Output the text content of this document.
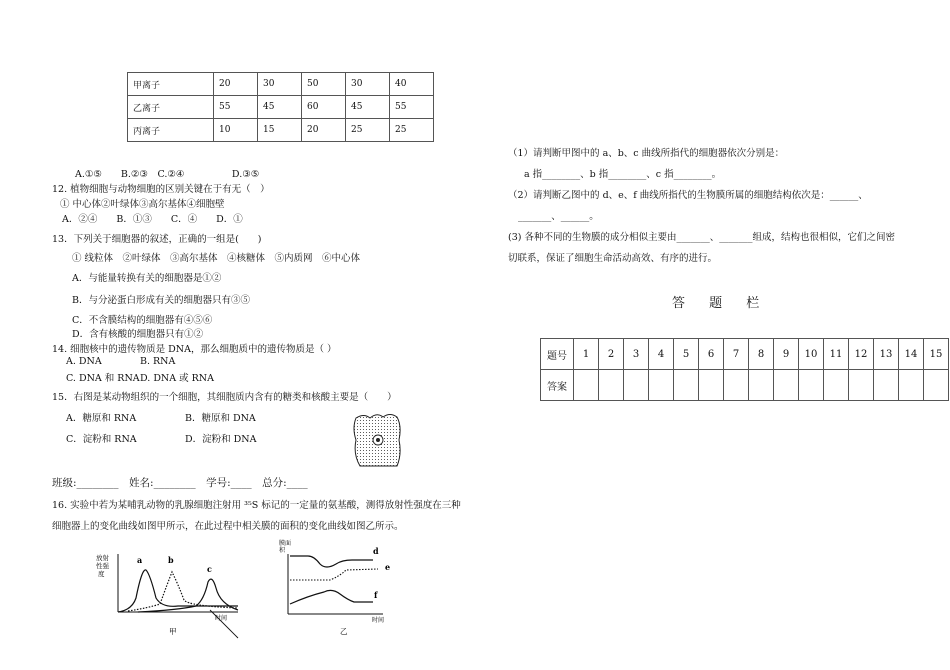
甲离子	20	30	50	30	40
乙离子	55	45	60	45	55
丙离子	10	15	20	25	25
A.①⑤　　B.②③　C.②④　　　　　D.③⑤
12. 植物细胞与动物细胞的区别关键在于有无（　）
① 中心体②叶绿体③高尔基体④细胞壁
A．②④　　B．①③　　C．④　　D．①
13．下列关于细胞器的叙述，正确的一组是(　　)
① 线粒体　②叶绿体　③高尔基体　④核糖体　⑤内质网　⑥中心体
A．与能量转换有关的细胞器是①②
B．与分泌蛋白形成有关的细胞器只有③⑤
C．不含膜结构的细胞器有④⑤⑥
D．含有核酸的细胞器只有①②
14. 细胞核中的遗传物质是 DNA，那么细胞质中的遗传物质是（ ）
A. DNA	B. RNA
C. DNA 和 RNA D. DNA 或 RNA
15．右图是某动物组织的一个细胞，其细胞质内含有的糖类和核酸主要是（　　）
A．糖原和 RNA	B．糖原和 DNA
C．淀粉和 RNA	D．淀粉和 DNA
班级:________　姓名:________　学号:____　总分:____
16. 实验中若为某哺乳动物的乳腺细胞注射用 ³⁵S 标记的一定量的氨基酸，测得放射性强度在三种
细胞器上的变化曲线如图甲所示，在此过程中相关膜的面积的变化曲线如图乙所示。
放射
性强
度
a	b
c
时间
甲
膜面
积	d
e
f
时间
乙
（1）请判断甲图中的 a、b、c 曲线所指代的细胞器依次分别是：
a 指________、b 指________、c 指________。
（2）请判断乙图中的 d、e、f 曲线所指代的生物膜所属的细胞结构依次是：______、
_______、______。
(3) 各种不同的生物膜的成分相似主要由_______、_______组成，结构也很相似，它们之间密
切联系，保证了细胞生命活动高效、有序的进行。
答 题 栏
题号	1	2	3	4	5	6	7	8	9	10	11	12	13	14	15
答案															
